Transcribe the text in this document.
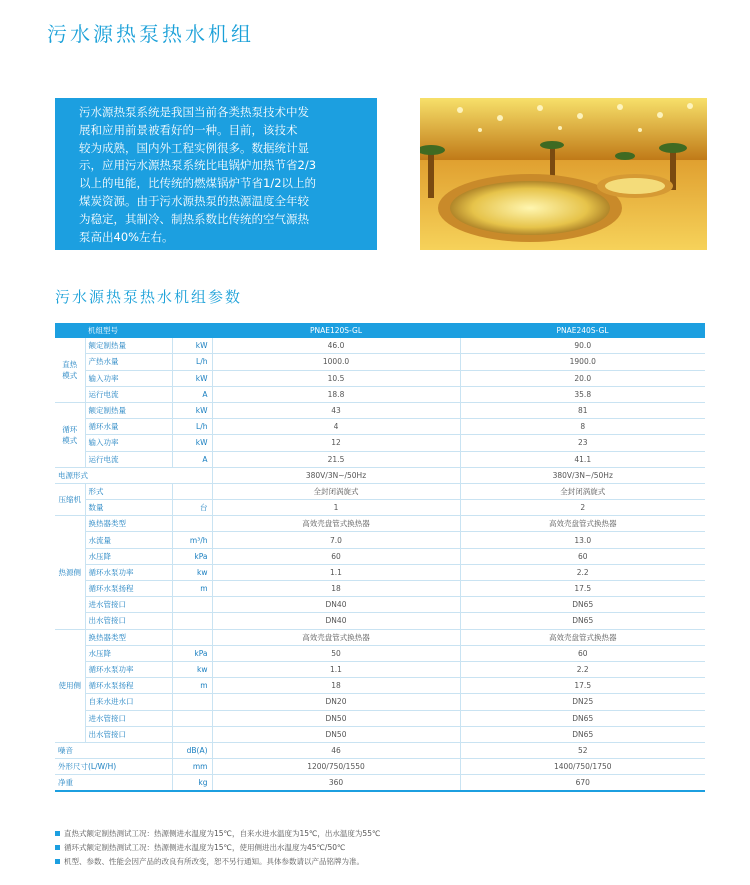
污水源热泵热水机组
污水源热泵系统是我国当前各类热泵技术中发
展和应用前景被看好的一种。目前，该技术
较为成熟，国内外工程实例很多。数据统计显
示，应用污水源热泵系统比电锅炉加热节省2/3
以上的电能，比传统的燃煤锅炉节省1/2以上的
煤炭资源。由于污水源热泵的热源温度全年较
为稳定，其制冷、制热系数比传统的空气源热
泵高出40%左右。
污水源热泵热水机组参数
	机组型号		PNAE120S-GL	PNAE240S-GL
直热
模式	额定制热量	kW	46.0	90.0
	产热水量	L/h	1000.0	1900.0
	输入功率	kW	10.5	20.0
	运行电流	A	18.8	35.8
循环
模式	额定制热量	kW	43	81
	循环水量	L/h	4	8
	输入功率	kW	12	23
	运行电流	A	21.5	41.1
电源形式			380V/3N~/50Hz	380V/3N~/50Hz
压缩机	形式		全封闭涡旋式	全封闭涡旋式
	数量	台	1	2
热源侧	换热器类型		高效壳盘管式换热器	高效壳盘管式换热器
	水流量	m³/h	7.0	13.0
	水压降	kPa	60	60
	循环水泵功率	kw	1.1	2.2
	循环水泵扬程	m	18	17.5
	进水管接口		DN40	DN65
	出水管接口		DN40	DN65
使用侧	换热器类型		高效壳盘管式换热器	高效壳盘管式换热器
	水压降	kPa	50	60
	循环水泵功率	kw	1.1	2.2
	循环水泵扬程	m	18	17.5
	自来水进水口		DN20	DN25
	进水管接口		DN50	DN65
	出水管接口		DN50	DN65
噪音		dB(A)	46	52
外形尺寸(L/W/H)		mm	1200/750/1550	1400/750/1750
净重		kg	360	670
直热式额定制热测试工况：热源侧进水温度为15℃，自来水进水温度为15℃，出水温度为55℃
循环式额定制热测试工况：热源侧进水温度为15℃，使用侧进出水温度为45℃/50℃
机型、参数、性能会因产品的改良有所改变，恕不另行通知。具体参数请以产品铭牌为准。
